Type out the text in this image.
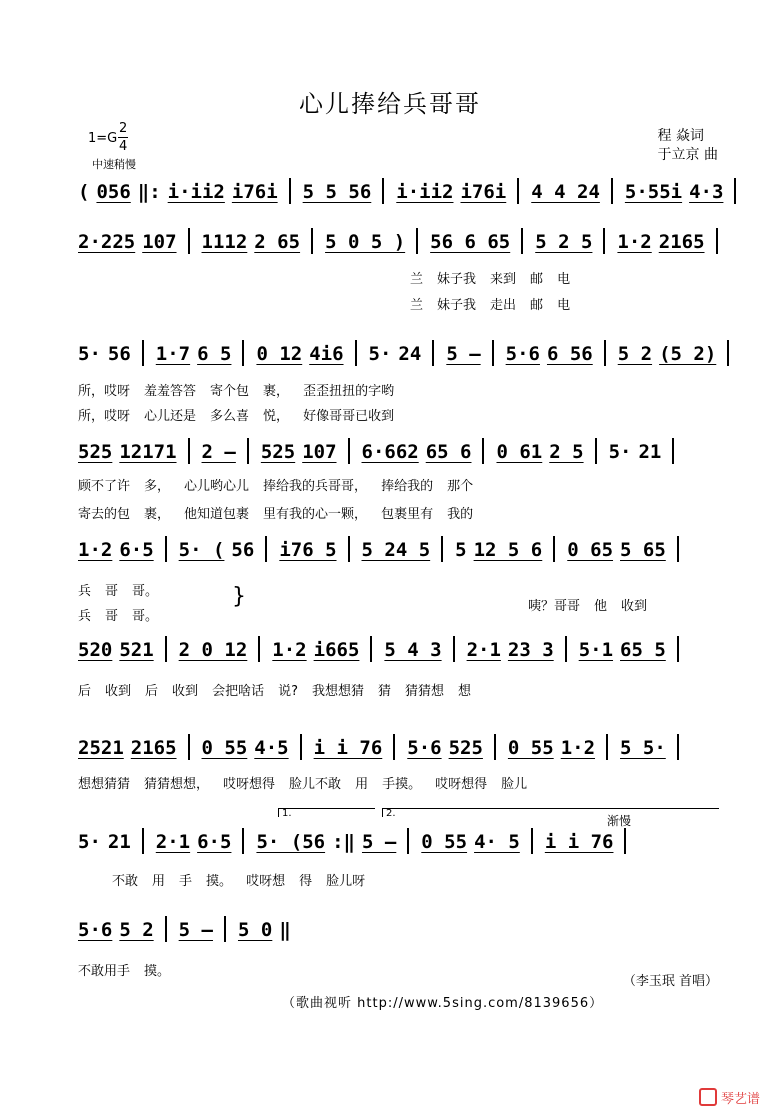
心儿捧给兵哥哥
$1=G \frac{2}{4}$
中速稍慢
程 焱词
于立京 曲
( 056 ‖: i·ii2 i76i 5 5 56 i·ii2 i76i 4 4 24 5·55i 4·3
2·225 107 1112 2 65 5 0 5 ) 56 6 65 5 2 5 1·2 2165
兰 妹子我 来到 邮 电
兰 妹子我 走出 邮 电
5· 56 1·7 6 5 0 12 4i6 5· 24 5 – 5·6 6 56 5 2 (5 2)
所，哎呀 羞羞答答 寄个包 裹， 歪歪扭扭的字哟
所，哎呀 心儿还是 多么喜 悦， 好像哥哥已收到
525 12171 2 – 525 107 6·662 65 6 0 61 2 5 5· 21
顾不了许 多， 心儿哟心儿 捧给我的兵哥哥， 捧给我的 那个
寄去的包 裹， 他知道包裹 里有我的心一颗， 包裹里有 我的
1·2 6·5 5· ( 56 i76 5 5 24 5 5 12 5 6 0 65 5 65
兵 哥 哥。
兵 哥 哥。
咦？哥哥 他 收到
520 521 2 0 12 1·2 i665 5 4 3 2·1 23 3 5·1 65 5
后 收到 后 收到 会把啥话 说? 我想想猜 猜 猜猜想 想
2521 2165 0 55 4·5 i i 76 5·6 525 0 55 1·2 5 5·
想想猜猜 猜猜想想， 哎呀想得 脸儿不敢 用 手摸。 哎呀想得 脸儿
5· 21 2·1 6·5 5· (56 :‖ 5 – 0 55 4· 5 i i 76
不敢 用 手 摸。 哎呀想 得 脸儿呀
5·6 5 2 5 – 5 0 ‖
不敢用手 摸。
}
1.	2.
渐慢
（李玉珉 首唱）
（歌曲视听 http://www.5sing.com/8139656）
琴艺谱
